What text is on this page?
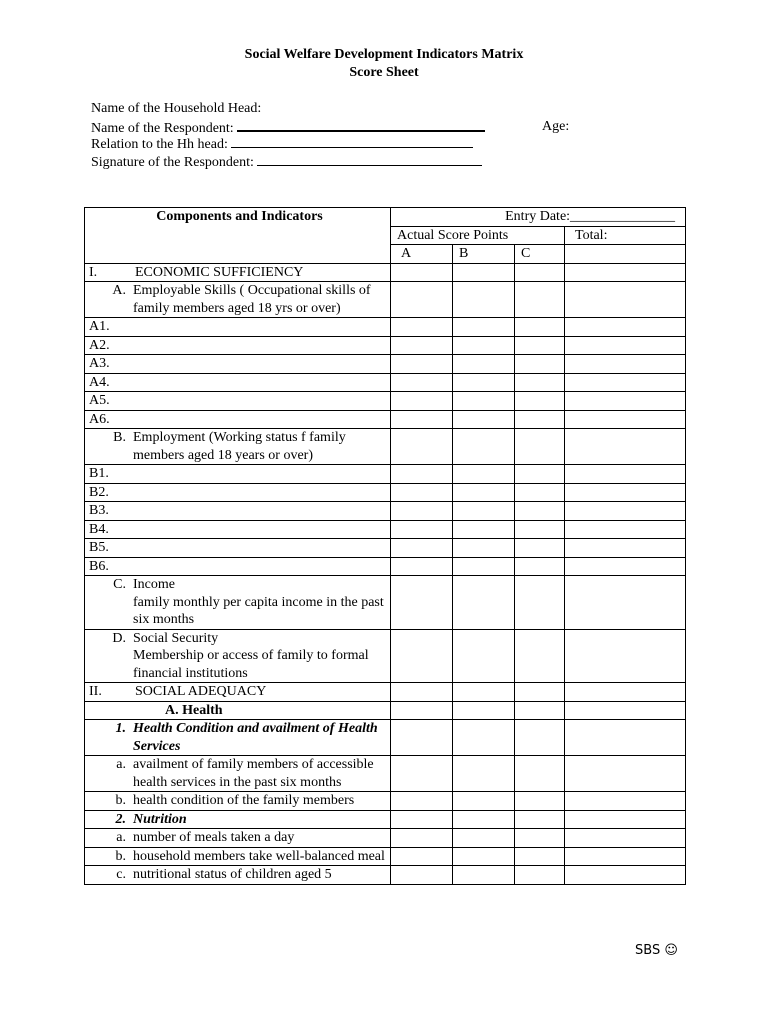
Social Welfare Development Indicators Matrix
Score Sheet
Name of the Household Head:
Name of the Respondent:	Age:
Relation to the Hh head:
Signature of the Respondent:
Components and Indicators	Entry Date:_______________			
	Actual Score Points			Total:
	A	B	C	
I. ECONOMIC SUFFICIENCY				

A. Employable Skills ( Occupational skills of family members aged 18 yrs or over)				

A1.				
A2.				
A3.				
A4.				
A5.				
A6.				

B. Employment (Working status f family members aged 18 years or over)				

B1.				
B2.				
B3.				
B4.				
B5.				
B6.				

C. Income
family monthly per capita income in the past six months				

D. Social Security
Membership or access of family to formal financial institutions				

II. SOCIAL ADEQUACY				
A. Health				

1. Health Condition and availment of Health Services				

a. availment of family members of accessible health services in the past six months				

b. health condition of the family members				

2. Nutrition				

a. number of meals taken a day				

b. household members take well-balanced meal				

c. nutritional status of children aged 5				

SBS ☺
